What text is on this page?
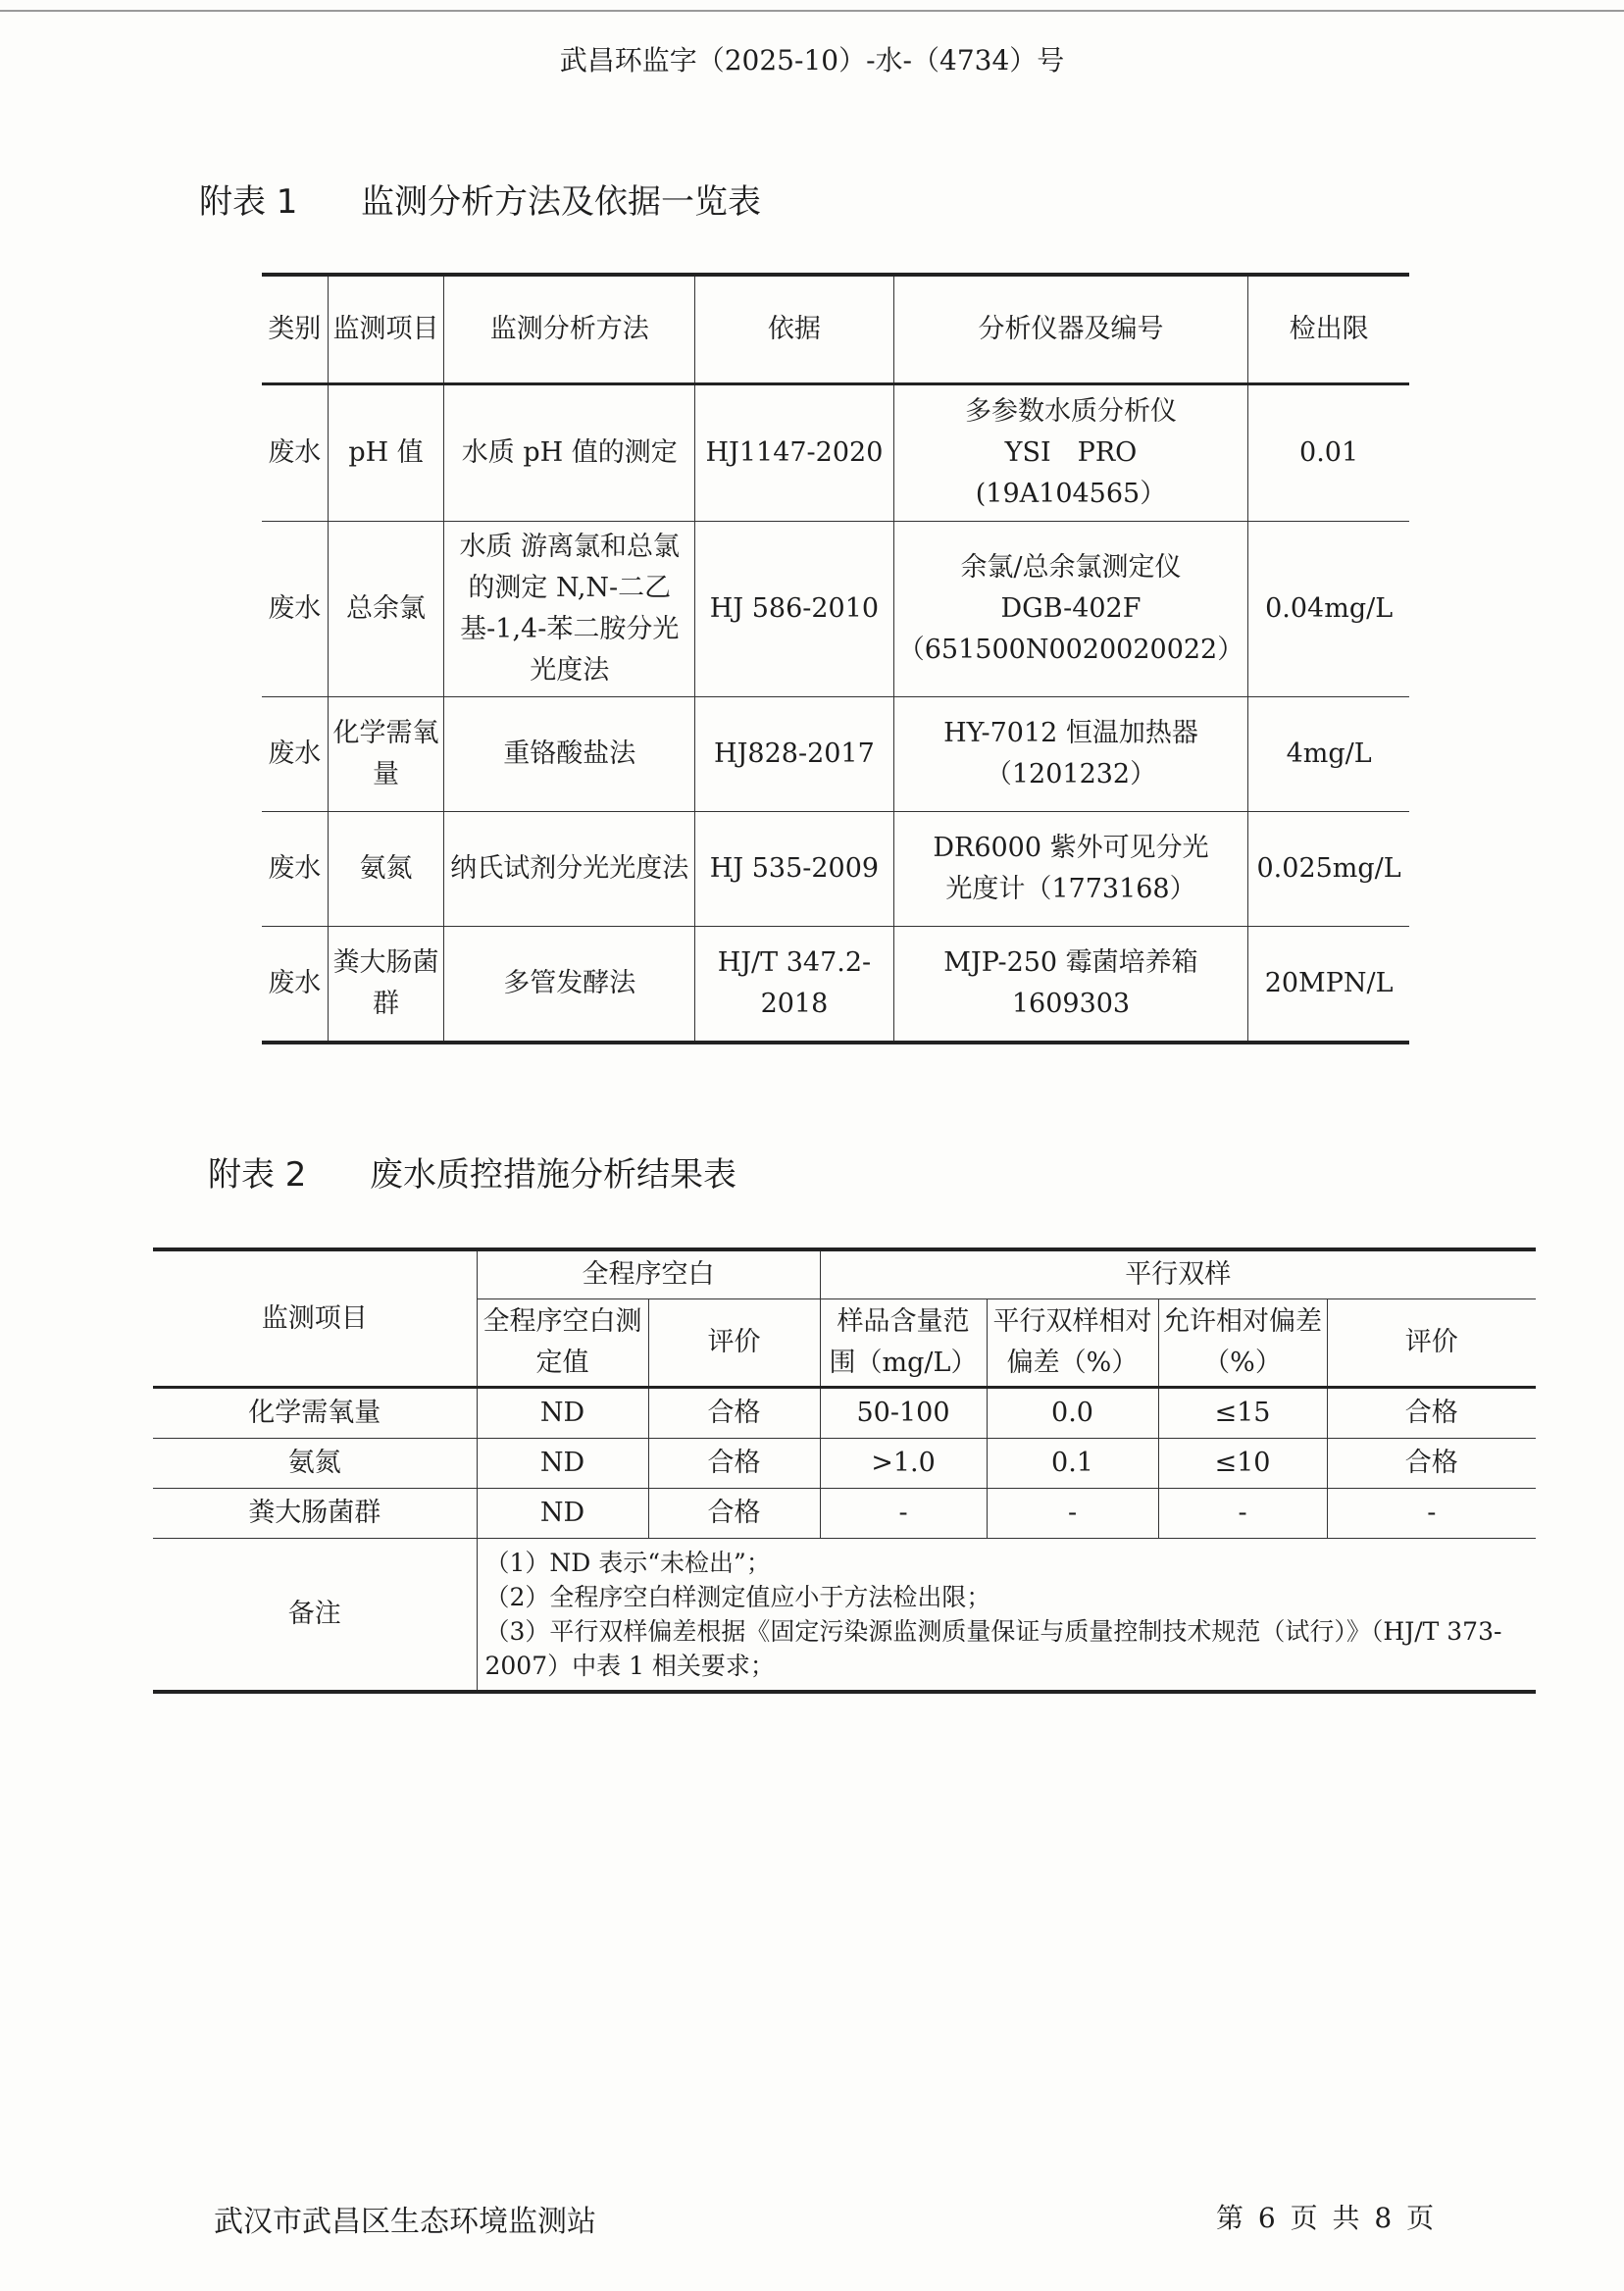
武昌环监字（2025-10）-水-（4734）号
附表 1 监测分析方法及依据一览表
类别	监测项目	监测分析方法	依据	分析仪器及编号	检出限
废水	pH 值	水质 pH 值的测定	HJ1147-2020	多参数水质分析仪
YSI　PRO
(19A104565）	0.01
废水	总余氯	水质 游离氯和总氯的测定 N,N-二乙基-1,4-苯二胺分光光度法	HJ 586-2010	余氯/总余氯测定仪
DGB-402F
（651500N0020020022）	0.04mg/L
废水	化学需氧量	重铬酸盐法	HJ828-2017	HY-7012 恒温加热器
（1201232）	4mg/L
废水	氨氮	纳氏试剂分光光度法	HJ 535-2009	DR6000 紫外可见分光
光度计（1773168）	0.025mg/L
废水	粪大肠菌群	多管发酵法	HJ/T 347.2-2018	MJP-250 霉菌培养箱
1609303	20MPN/L
附表 2 废水质控措施分析结果表
监测项目	全程序空白		平行双样			
	全程序空白测定值	评价	样品含量范围（mg/L）	平行双样相对偏差（%）	允许相对偏差（%）	评价
化学需氧量	ND	合格	50-100	0.0	≤15	合格
氨氮	ND	合格	>1.0	0.1	≤10	合格
粪大肠菌群	ND	合格	-	-	-	-
备注	（1）ND 表示“未检出”；
（2）全程序空白样测定值应小于方法检出限；
（3）平行双样偏差根据《固定污染源监测质量保证与质量控制技术规范（试行）》（HJ/T 373-2007）中表 1 相关要求；					
武汉市武昌区生态环境监测站	第 6 页 共 8 页
